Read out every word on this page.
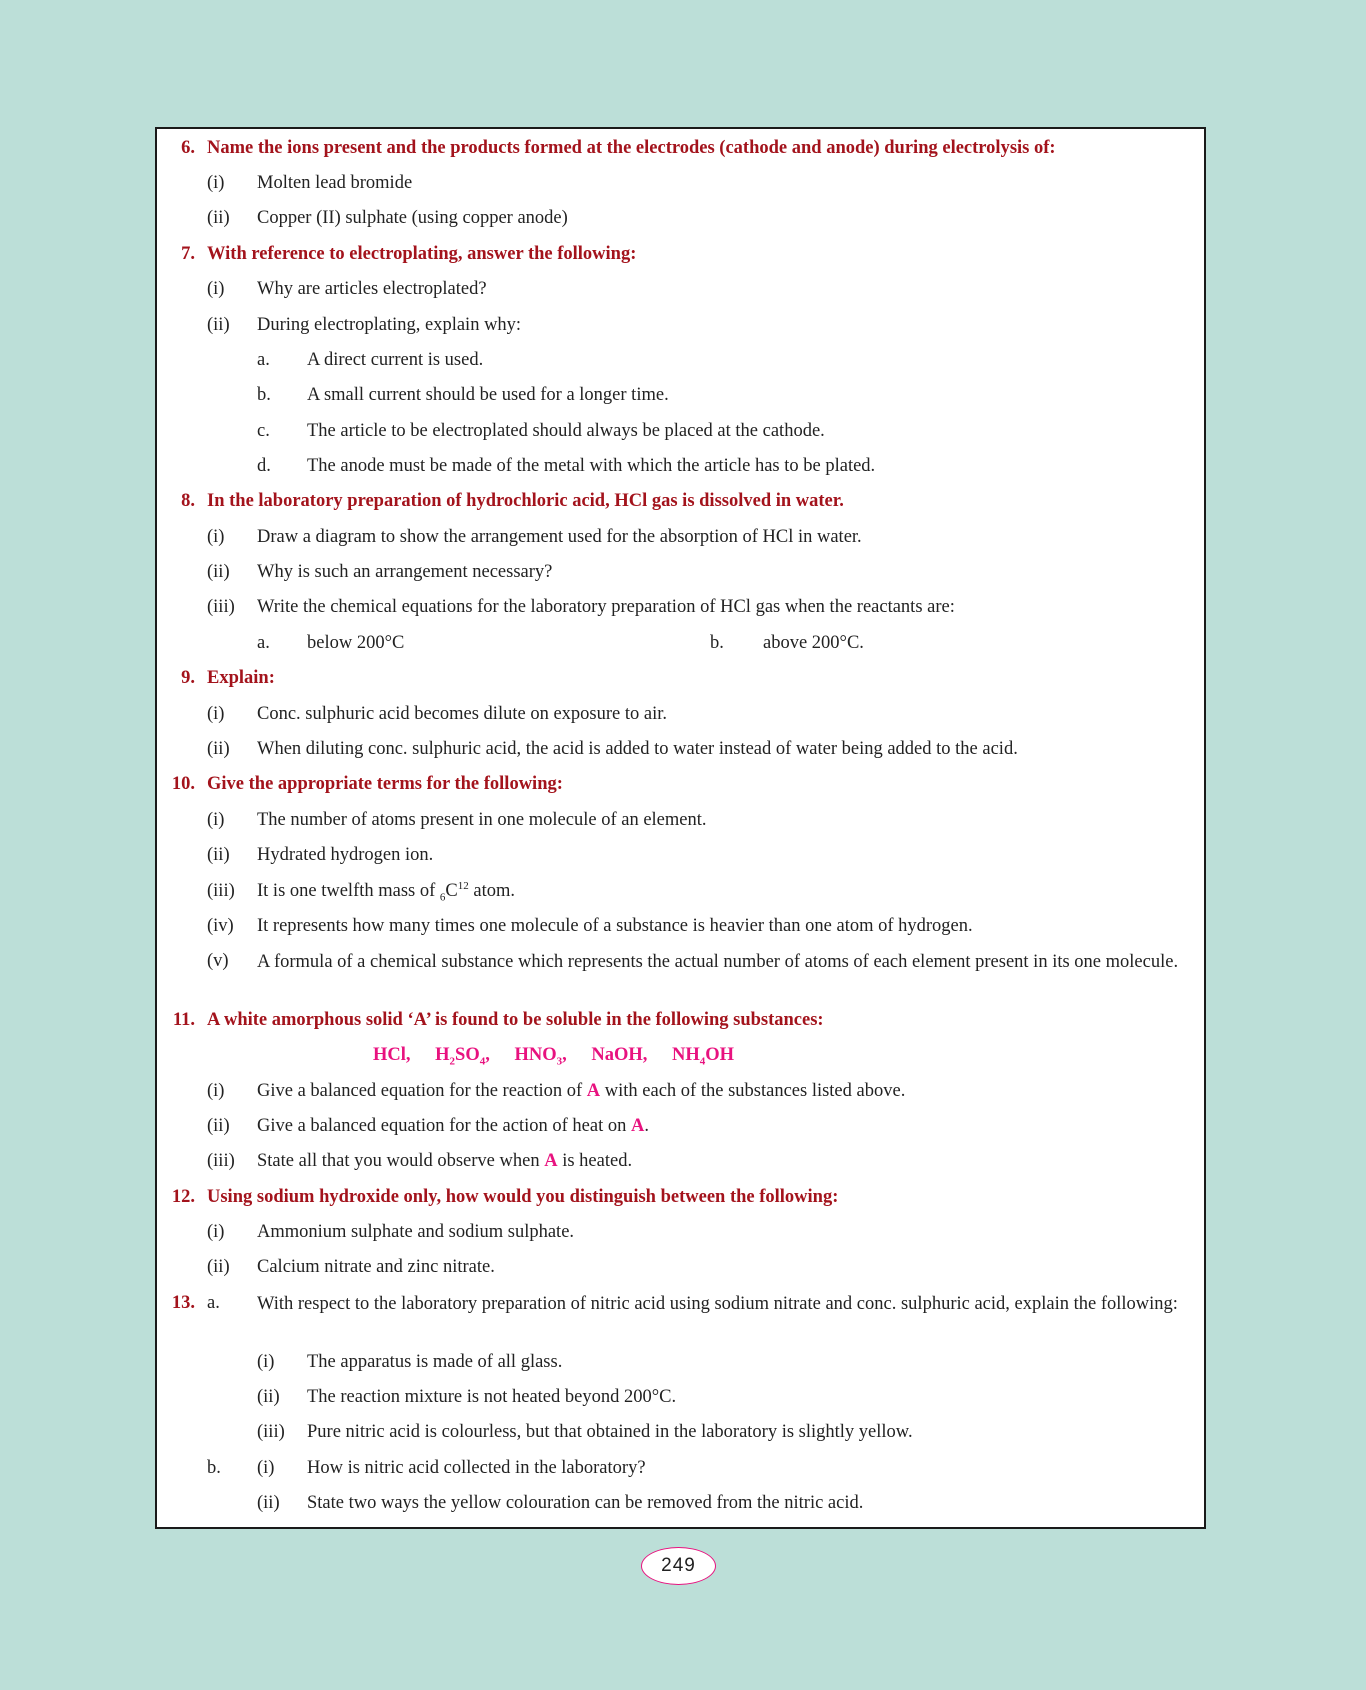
6. Name the ions present and the products formed at the electrodes (cathode and anode) during electrolysis of:
(i) Molten lead bromide
(ii) Copper (II) sulphate (using copper anode)
7. With reference to electroplating, answer the following:
(i) Why are articles electroplated?
(ii) During electroplating, explain why:
a. A direct current is used.
b. A small current should be used for a longer time.
c. The article to be electroplated should always be placed at the cathode.
d. The anode must be made of the metal with which the article has to be plated.
8. In the laboratory preparation of hydrochloric acid, HCl gas is dissolved in water.
(i) Draw a diagram to show the arrangement used for the absorption of HCl in water.
(ii) Why is such an arrangement necessary?
(iii) Write the chemical equations for the laboratory preparation of HCl gas when the reactants are:
a. below 200°C	b. above 200°C.
9. Explain:
(i) Conc. sulphuric acid becomes dilute on exposure to air.
(ii) When diluting conc. sulphuric acid, the acid is added to water instead of water being added to the acid.
10. Give the appropriate terms for the following:
(i) The number of atoms present in one molecule of an element.
(ii) Hydrated hydrogen ion.
(iii) It is one twelfth mass of $_6C^{12}$ atom.
(iv) It represents how many times one molecule of a substance is heavier than one atom of hydrogen.
(v) A formula of a chemical substance which represents the actual number of atoms of each element present in its one molecule.
11. A white amorphous solid ‘A’ is found to be soluble in the following substances:
HCl, $H_2SO_4$, $HNO_3$, NaOH, $NH_4OH$
(i) Give a balanced equation for the reaction of A with each of the substances listed above.
(ii) Give a balanced equation for the action of heat on A.
(iii) State all that you would observe when A is heated.
12. Using sodium hydroxide only, how would you distinguish between the following:
(i) Ammonium sulphate and sodium sulphate.
(ii) Calcium nitrate and zinc nitrate.
13. a. With respect to the laboratory preparation of nitric acid using sodium nitrate and conc. sulphuric acid, explain the following:
(i) The apparatus is made of all glass.
(ii) The reaction mixture is not heated beyond 200°C.
(iii) Pure nitric acid is colourless, but that obtained in the laboratory is slightly yellow.
b. (i) How is nitric acid collected in the laboratory?
(ii) State two ways the yellow colouration can be removed from the nitric acid.
249
